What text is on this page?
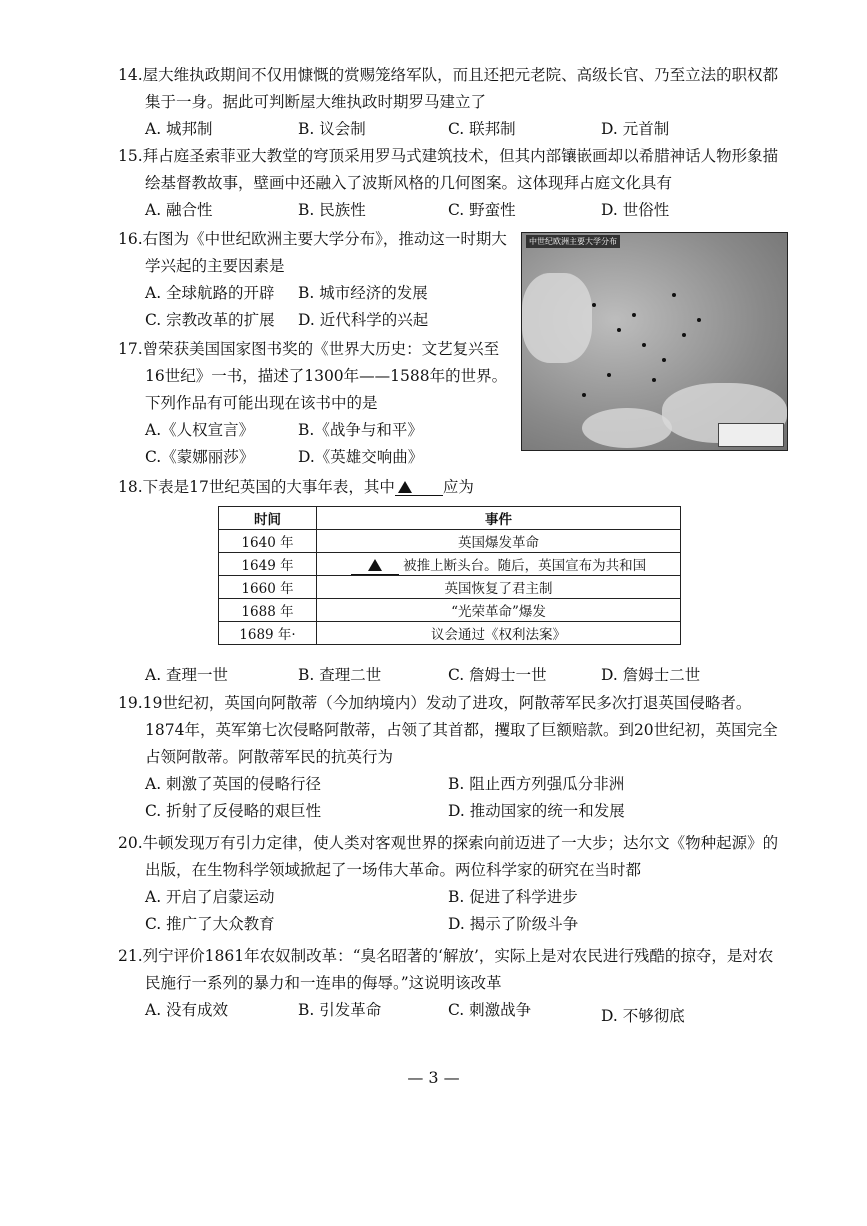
14.屋大维执政期间不仅用慷慨的赏赐笼络军队，而且还把元老院、高级长官、乃至立法的职权都集于一身。据此可判断屋大维执政时期罗马建立了
A. 城邦制	B. 议会制	C. 联邦制	D. 元首制
15.拜占庭圣索菲亚大教堂的穹顶采用罗马式建筑技术，但其内部镶嵌画却以希腊神话人物形象描绘基督教故事，壁画中还融入了波斯风格的几何图案。这体现拜占庭文化具有
A. 融合性	B. 民族性	C. 野蛮性	D. 世俗性
16.右图为《中世纪欧洲主要大学分布》，推动这一时期大学兴起的主要因素是
A. 全球航路的开辟 B. 城市经济的发展
C. 宗教改革的扩展 D. 近代科学的兴起
中世纪欧洲主要大学分布
17.曾荣获美国国家图书奖的《世界大历史：文艺复兴至16世纪》一书，描述了1300年——1588年的世界。下列作品有可能出现在该书中的是
A.《人权宣言》	B.《战争与和平》
C.《蒙娜丽莎》	D.《英雄交响曲》
18.下表是17世纪英国的大事年表，其中	应为
时间	事件
1640 年	英国爆发革命
1649 年	被推上断头台。随后，英国宣布为共和国
1660 年	英国恢复了君主制
1688 年	“光荣革命”爆发
1689 年·	议会通过《权利法案》
A. 查理一世	B. 查理二世	C. 詹姆士一世	D. 詹姆士二世
19.19世纪初，英国向阿散蒂（今加纳境内）发动了进攻，阿散蒂军民多次打退英国侵略者。1874年，英军第七次侵略阿散蒂，占领了其首都，攫取了巨额赔款。到20世纪初，英国完全占领阿散蒂。阿散蒂军民的抗英行为
A. 刺激了英国的侵略行径	B. 阻止西方列强瓜分非洲
C. 折射了反侵略的艰巨性	D. 推动国家的统一和发展
20.牛顿发现万有引力定律，使人类对客观世界的探索向前迈进了一大步；达尔文《物种起源》的出版，在生物科学领域掀起了一场伟大革命。两位科学家的研究在当时都
A. 开启了启蒙运动	B. 促进了科学进步
C. 推广了大众教育	D. 揭示了阶级斗争
21.列宁评价1861年农奴制改革：“臭名昭著的‘解放’，实际上是对农民进行残酷的掠夺，是对农民施行一系列的暴力和一连串的侮辱。”这说明该改革
A. 没有成效	B. 引发革命	C. 刺激战争	D. 不够彻底
— 3 —
